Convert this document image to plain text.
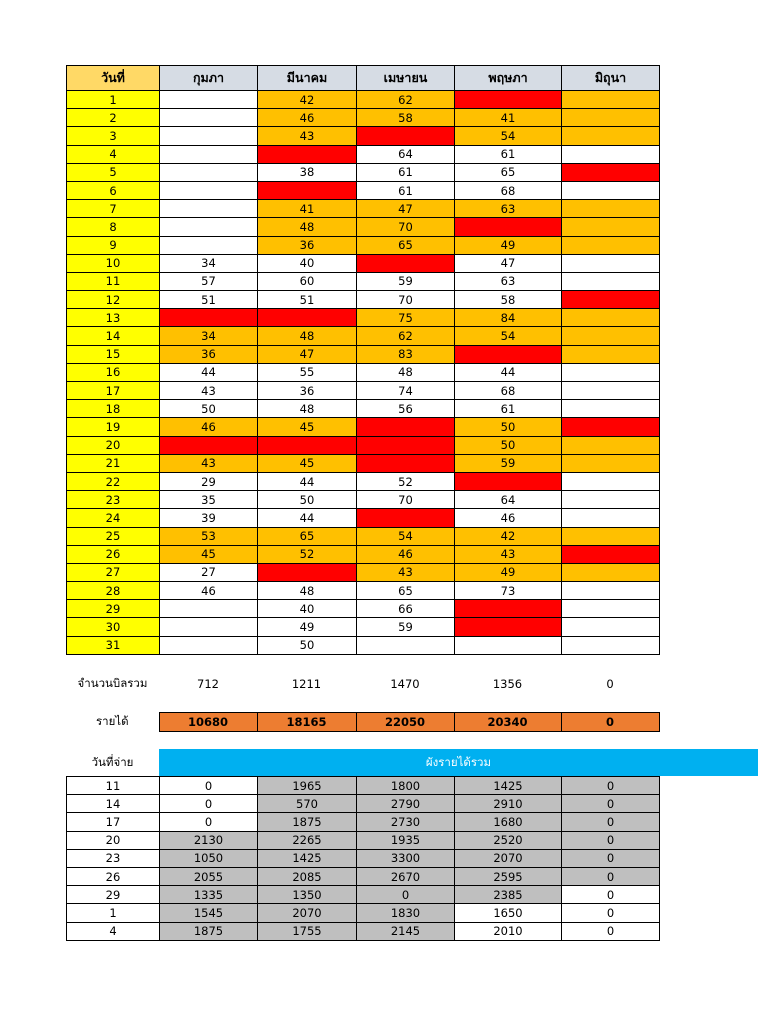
วันที่	กุมภา	มีนาคม	เมษายน	พฤษภา	มิถุนา
1		42	62		
2		46	58	41	
3		43		54	
4			64	61	
5		38	61	65	
6			61	68	
7		41	47	63	
8		48	70		
9		36	65	49	
10	34	40		47	
11	57	60	59	63	
12	51	51	70	58	
13			75	84	
14	34	48	62	54	
15	36	47	83		
16	44	55	48	44	
17	43	36	74	68	
18	50	48	56	61	
19	46	45		50	
20				50	
21	43	45		59	
22	29	44	52		
23	35	50	70	64	
24	39	44		46	
25	53	65	54	42	
26	45	52	46	43	
27	27		43	49	
28	46	48	65	73	
29		40	66		
30		49	59		
31		50			
จำนวนบิลรวม	712	1211	1470	1356	0
รายได้	10680	18165	22050	20340	0
วันที่จ่าย	ผังรายได้รวม
11	0	1965	1800	1425	0
14	0	570	2790	2910	0
17	0	1875	2730	1680	0
20	2130	2265	1935	2520	0
23	1050	1425	3300	2070	0
26	2055	2085	2670	2595	0
29	1335	1350	0	2385	0
1	1545	2070	1830	1650	0
4	1875	1755	2145	2010	0
